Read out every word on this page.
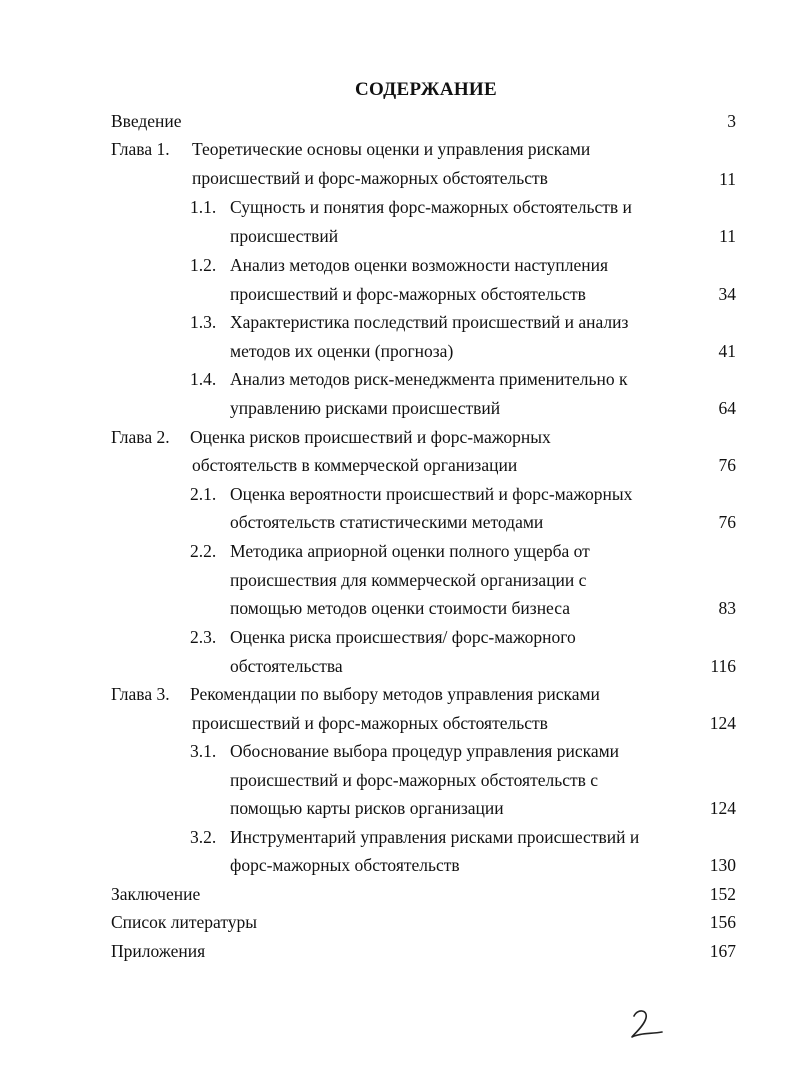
СОДЕРЖАНИЕ
Введение	3
Глава 1. Теоретические основы оценки и управления рисками
происшествий и форс-мажорных обстоятельств	11
1.1. Сущность и понятия форс-мажорных обстоятельств и
происшествий	11
1.2. Анализ методов оценки возможности наступления
происшествий и форс-мажорных обстоятельств	34
1.3. Характеристика последствий происшествий и анализ
методов их оценки (прогноза)	41
1.4. Анализ методов риск-менеджмента применительно к
управлению рисками происшествий	64
Глава 2. Оценка рисков происшествий и форс-мажорных
обстоятельств в коммерческой организации	76
2.1. Оценка вероятности происшествий и форс-мажорных
обстоятельств статистическими методами	76
2.2. Методика априорной оценки полного ущерба от
происшествия для коммерческой организации с
помощью методов оценки стоимости бизнеса	83
2.3. Оценка риска происшествия/ форс-мажорного
обстоятельства	116
Глава 3. Рекомендации по выбору методов управления рисками
происшествий и форс-мажорных обстоятельств	124
3.1. Обоснование выбора процедур управления рисками
происшествий и форс-мажорных обстоятельств с
помощью карты рисков организации	124
3.2. Инструментарий управления рисками происшествий и
форс-мажорных обстоятельств	130
Заключение	152
Список литературы	156
Приложения	167
